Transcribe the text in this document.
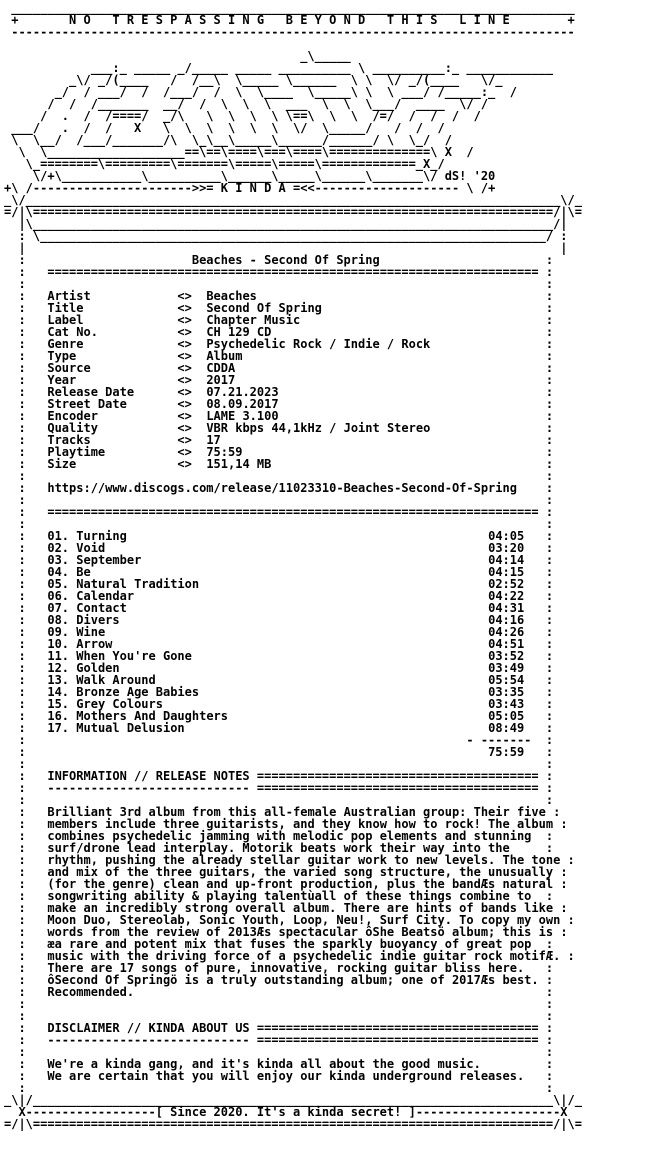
______________________________________________________________________________
+       N O   T R E S P A S S I N G   B E Y O N D   T H I S   L I N E        +
------------------------------------------------------------------------------
_\_____
___:_ _____ _/_____ _____ __________ \ __________:_ ____________
_\/ _/(____   /  /__\  \_____ \______  \ \  \/ _/(____   \/_
_/  / ___/  /  /___/  /  \  \____  \_____\ \  \ ___/ /_____:_  /
/  /  /_______  __/  /  \  \  \  ___  \  \  \___/  ____  \/ /
/  .  /  /====/  _/\   \  \  \  \ \==\  \  \  /=/  /  /  /  /
___/   .  /  /   X   \  \  \  \  \  \  \/  \_____/   /  /  /
\  \__/  /___/_______/\  \_\__\_____\______/______/ \  \_/  /
\  \___________________==\==\====\===\====\==============\ X  /
\_========\=========\=======\=====\=====\=============_X_/
\/+\___________\__________\______\_____\______\_______\/ dS! '20
+\ /---------------------->>= K I N D A =<<-------------------- \ /+
_\/__________________________________________________________________________\/_
=/|\========================================================================/|\=
|\________________________________________________________________________/|
: \______________________________________________________________________/ :
|                                                                          |
:                       Beaches - Second Of Spring                       :
:   ==================================================================== :
:                                                                        :
:   Artist	<>  Beaches                                        :
:   Title	<>  Second Of Spring                               :
:   Label	<>  Chapter Music                                  :
:   Cat No.	<>  CH 129 CD                                      :
:   Genre	<>  Psychedelic Rock / Indie / Rock                :
:   Type	<>  Album                                          :
:   Source	<>  CDDA                                           :
:   Year	<>  2017                                           :
:   Release Date	<>  07.21.2023                                     :
:   Street Date	<>  08.09.2017                                     :
:   Encoder	<>  LAME 3.100                                     :
:   Quality	<>  VBR kbps 44,1kHz / Joint Stereo                :
:   Tracks	<>  17                                             :
:   Playtime	<>  75:59                                          :
:   Size	<>  151,14 MB                                      :
:                                                                        :
:   https://www.discogs.com/release/11023310-Beaches-Second-Of-Spring    :
:                                                                        :
:   ==================================================================== :
:                                                                        :
:   01. Turning	04:05   :
:   02. Void	03:20   :
:   03. September	04:14   :
:   04. Be	04:15   :
:   05. Natural Tradition	02:52   :
:   06. Calendar	04:22   :
:   07. Contact	04:31   :
:   08. Divers	04:16   :
:   09. Wine	04:26   :
:   10. Arrow	04:51   :
:   11. When You're Gone	03:52   :
:   12. Golden	03:49   :
:   13. Walk Around	05:54   :
:   14. Bronze Age Babies	03:35   :
:   15. Grey Colours	03:43   :
:   16. Mothers And Daughters	05:05   :
:   17. Mutual Delusion	08:49   :
:                                                             - -------  :
:	75:59   :
:                                                                        :
:   INFORMATION // RELEASE NOTES ======================================= :
:   ---------------------------- ======================================= :
:                                                                        :
:   Brilliant 3rd album from this all-female Australian group: Their five :
:   members include three guitarists, and they know how to rock! The album :
:   combines psychedelic jamming with melodic pop elements and stunning  :
:   surf/drone lead interplay. Motorik beats work their way into the     :
:   rhythm, pushing the already stellar guitar work to new levels. The tone :
:   and mix of the three guitars, the varied song structure, the unusually :
:   (for the genre) clean and up-front production, plus the bandÆs natural :
:   songwriting ability & playing talentùall of these things combine to  :
:   make an incredibly strong overall album. There are hints of bands like :
:   Moon Duo, Stereolab, Sonic Youth, Loop, Neu!, Surf City. To copy my own :
:   words from the review of 2013Æs spectacular ôShe Beatsö album; this is :
:   æa rare and potent mix that fuses the sparkly buoyancy of great pop  :
:   music with the driving force of a psychedelic indie guitar rock motifÆ. :
:   There are 17 songs of pure, innovative, rocking guitar bliss here.   :
:   ôSecond Of Springö is a truly outstanding album; one of 2017Æs best. :
:   Recommended.                                                         :
:                                                                        :
:                                                                        :
:   DISCLAIMER // KINDA ABOUT US ======================================= :
:   ---------------------------- ======================================= :
:                                                                        :
:   We're a kinda gang, and it's kinda all about the good music.         :
:   We are certain that you will enjoy our kinda underground releases.   :
:                                                                        :
_\|/________________________________________________________________________\|/_
X------------------[ Since 2020. It's a kinda secret! ]--------------------X
=/|\========================================================================/|\=
